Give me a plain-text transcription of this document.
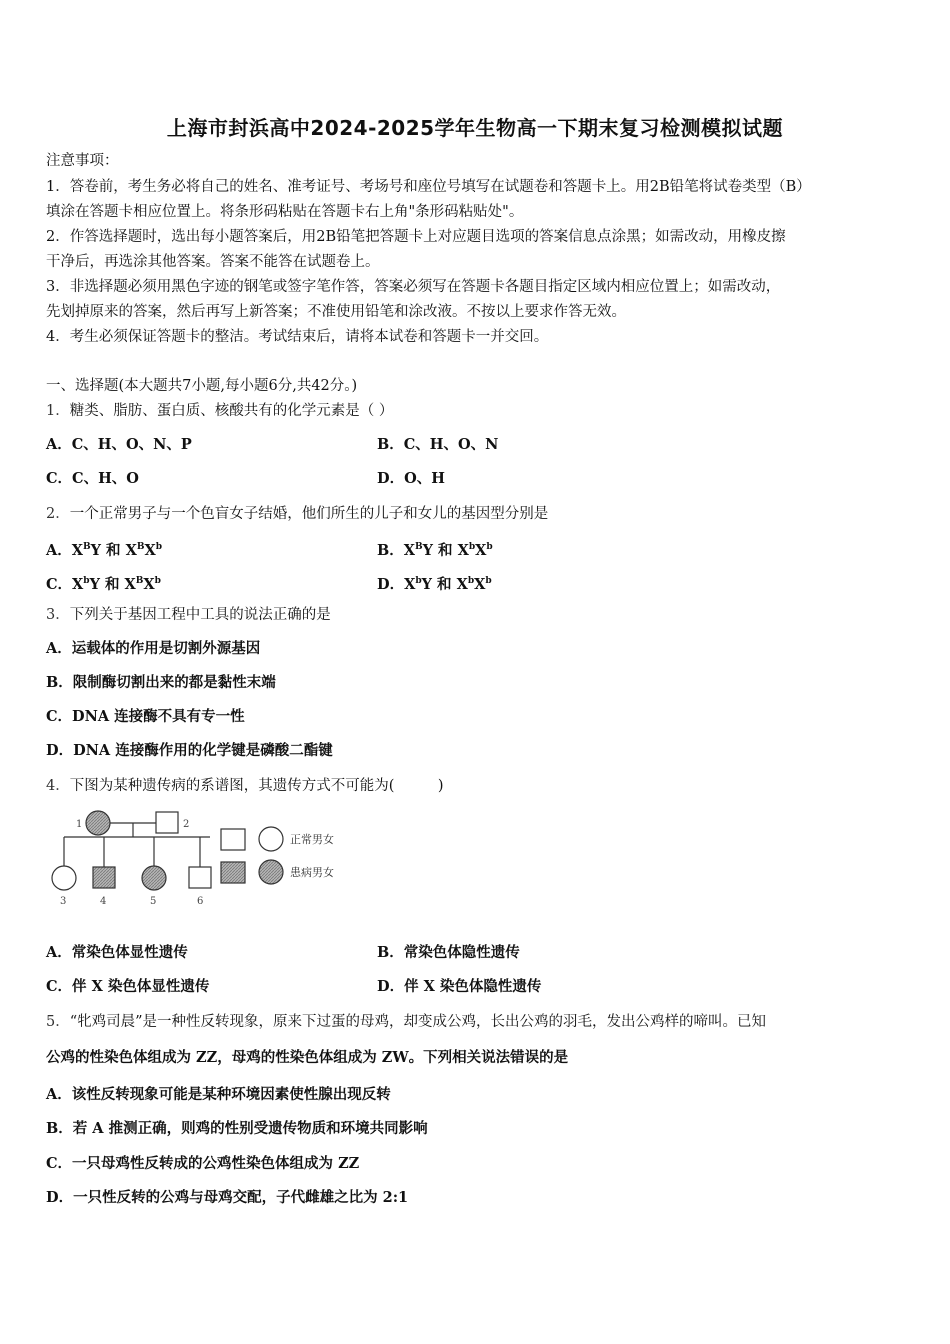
上海市封浜高中2024-2025学年生物高一下期末复习检测模拟试题
注意事项：
1．答卷前，考生务必将自己的姓名、准考证号、考场号和座位号填写在试题卷和答题卡上。用2B铅笔将试卷类型（B）
填涂在答题卡相应位置上。将条形码粘贴在答题卡右上角"条形码粘贴处"。
2．作答选择题时，选出每小题答案后，用2B铅笔把答题卡上对应题目选项的答案信息点涂黑；如需改动，用橡皮擦
干净后，再选涂其他答案。答案不能答在试题卷上。
3．非选择题必须用黑色字迹的钢笔或签字笔作答，答案必须写在答题卡各题目指定区域内相应位置上；如需改动，
先划掉原来的答案，然后再写上新答案；不准使用铅笔和涂改液。不按以上要求作答无效。
4．考生必须保证答题卡的整洁。考试结束后，请将本试卷和答题卡一并交回。
一、选择题(本大题共7小题,每小题6分,共42分。)
1．糖类、脂肪、蛋白质、核酸共有的化学元素是（ ）
A．C、H、O、N、P	B．C、H、O、N
C．C、H、O	D．O、H
2．一个正常男子与一个色盲女子结婚，他们所生的儿子和女儿的基因型分别是
A．$X^BY$ 和 $X^BX^b$	B．$X^BY$ 和 $X^bX^b$
C．$X^bY$ 和 $X^BX^b$	D．$X^bY$ 和 $X^bX^b$
3．下列关于基因工程中工具的说法正确的是
A．运载体的作用是切割外源基因
B．限制酶切割出来的都是黏性末端
C．DNA 连接酶不具有专一性
D．DNA 连接酶作用的化学键是磷酸二酯键
4．下图为某种遗传病的系谱图，其遗传方式不可能为(　　　)
1	2
3	4	5	6
正常男女
患病男女
A．常染色体显性遗传	B．常染色体隐性遗传
C．伴 X 染色体显性遗传	D．伴 X 染色体隐性遗传
5．“牝鸡司晨”是一种性反转现象，原来下过蛋的母鸡，却变成公鸡，长出公鸡的羽毛，发出公鸡样的啼叫。已知
公鸡的性染色体组成为 ZZ，母鸡的性染色体组成为 ZW。下列相关说法错误的是
A．该性反转现象可能是某种环境因素使性腺出现反转
B．若 A 推测正确，则鸡的性别受遗传物质和环境共同影响
C．一只母鸡性反转成的公鸡性染色体组成为 ZZ
D．一只性反转的公鸡与母鸡交配，子代雌雄之比为 2:1
